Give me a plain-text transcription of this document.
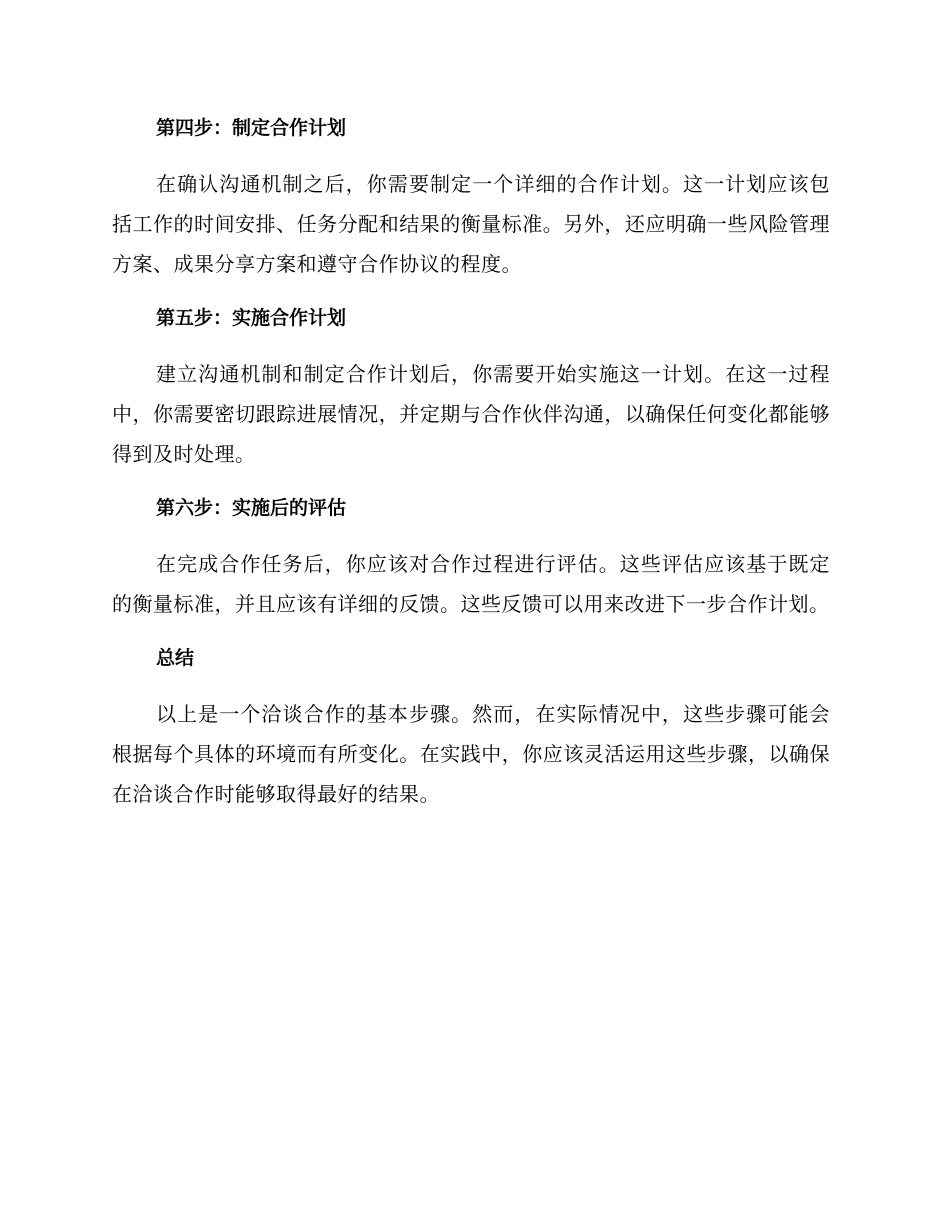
第四步：制定合作计划

在确认沟通机制之后，你需要制定一个详细的合作计划。这一计划应该包括工作的时间安排、任务分配和结果的衡量标准。另外，还应明确一些风险管理方案、成果分享方案和遵守合作协议的程度。

第五步：实施合作计划

建立沟通机制和制定合作计划后，你需要开始实施这一计划。在这一过程中，你需要密切跟踪进展情况，并定期与合作伙伴沟通，以确保任何变化都能够得到及时处理。

第六步：实施后的评估

在完成合作任务后，你应该对合作过程进行评估。这些评估应该基于既定的衡量标准，并且应该有详细的反馈。这些反馈可以用来改进下一步合作计划。

总结

以上是一个洽谈合作的基本步骤。然而，在实际情况中，这些步骤可能会根据每个具体的环境而有所变化。在实践中，你应该灵活运用这些步骤，以确保在洽谈合作时能够取得最好的结果。
